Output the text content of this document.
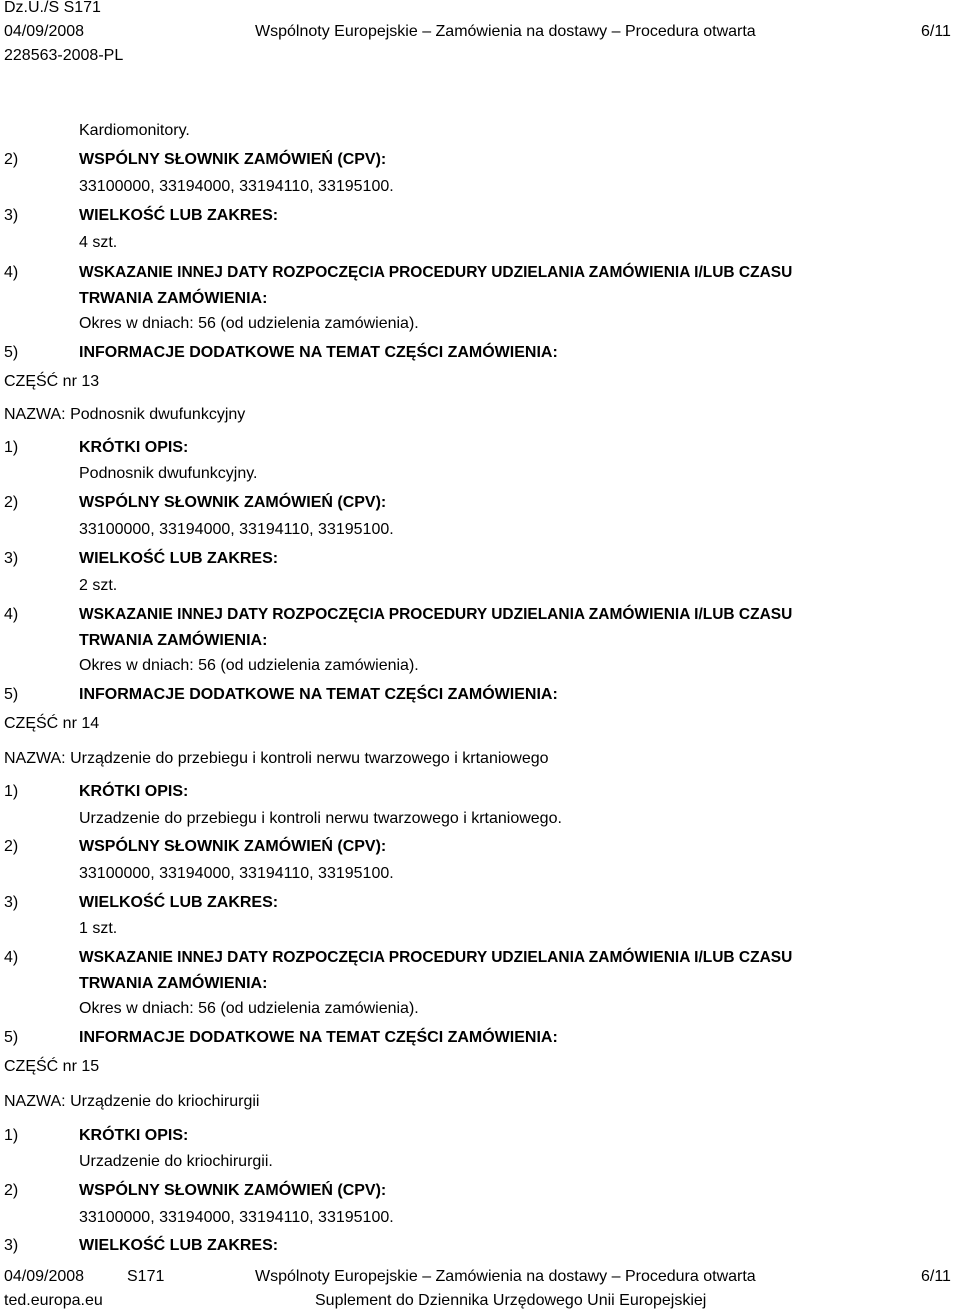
Dz.U./S S171
04/09/2008	Wspólnoty Europejskie – Zamówienia na dostawy – Procedura otwarta	6/11
228563-2008-PL
Kardiomonitory.
2)	WSPÓLNY SŁOWNIK ZAMÓWIEŃ (CPV):
33100000, 33194000, 33194110, 33195100.
3)	WIELKOŚĆ LUB ZAKRES:
4 szt.
4)	WSKAZANIE INNEJ DATY ROZPOCZĘCIA PROCEDURY UDZIELANIA ZAMÓWIENIA I/LUB CZASU
TRWANIA ZAMÓWIENIA:
Okres w dniach: 56 (od udzielenia zamówienia).
5)	INFORMACJE DODATKOWE NA TEMAT CZĘŚCI ZAMÓWIENIA:
CZĘŚĆ nr 13
NAZWA: Podnosnik dwufunkcyjny
1)	KRÓTKI OPIS:
Podnosnik dwufunkcyjny.
2)	WSPÓLNY SŁOWNIK ZAMÓWIEŃ (CPV):
33100000, 33194000, 33194110, 33195100.
3)	WIELKOŚĆ LUB ZAKRES:
2 szt.
4)	WSKAZANIE INNEJ DATY ROZPOCZĘCIA PROCEDURY UDZIELANIA ZAMÓWIENIA I/LUB CZASU
TRWANIA ZAMÓWIENIA:
Okres w dniach: 56 (od udzielenia zamówienia).
5)	INFORMACJE DODATKOWE NA TEMAT CZĘŚCI ZAMÓWIENIA:
CZĘŚĆ nr 14
NAZWA: Urządzenie do przebiegu i kontroli nerwu twarzowego i krtaniowego
1)	KRÓTKI OPIS:
Urzadzenie do przebiegu i kontroli nerwu twarzowego i krtaniowego.
2)	WSPÓLNY SŁOWNIK ZAMÓWIEŃ (CPV):
33100000, 33194000, 33194110, 33195100.
3)	WIELKOŚĆ LUB ZAKRES:
1 szt.
4)	WSKAZANIE INNEJ DATY ROZPOCZĘCIA PROCEDURY UDZIELANIA ZAMÓWIENIA I/LUB CZASU
TRWANIA ZAMÓWIENIA:
Okres w dniach: 56 (od udzielenia zamówienia).
5)	INFORMACJE DODATKOWE NA TEMAT CZĘŚCI ZAMÓWIENIA:
CZĘŚĆ nr 15
NAZWA: Urządzenie do kriochirurgii
1)	KRÓTKI OPIS:
Urzadzenie do kriochirurgii.
2)	WSPÓLNY SŁOWNIK ZAMÓWIEŃ (CPV):
33100000, 33194000, 33194110, 33195100.
3)	WIELKOŚĆ LUB ZAKRES:
04/09/2008	S171	Wspólnoty Europejskie – Zamówienia na dostawy – Procedura otwarta	6/11
ted.europa.eu	Suplement do Dziennika Urzędowego Unii Europejskiej
